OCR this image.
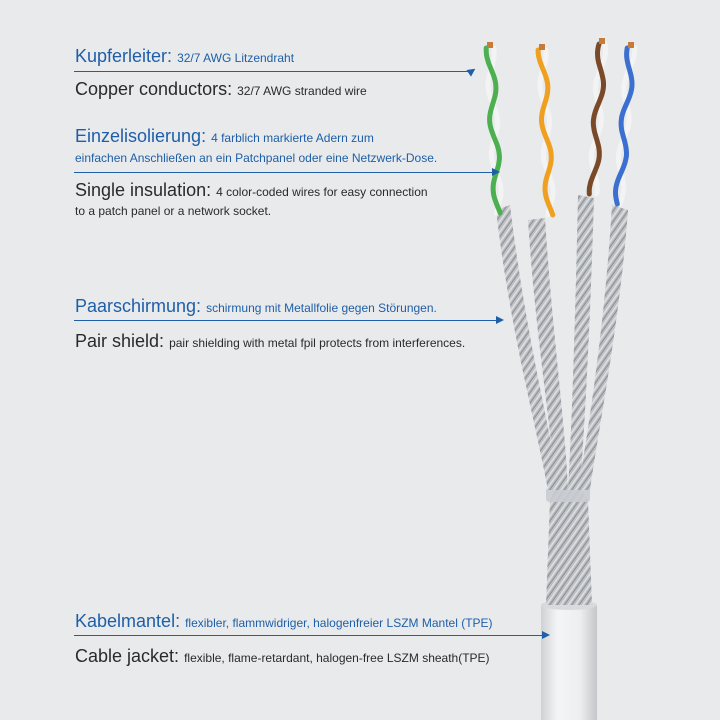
Kupferleiter: 32/7 AWG Litzendraht
Copper conductors: 32/7 AWG stranded wire
Einzelisolierung: 4 farblich markierte Adern zum
einfachen Anschließen an ein Patchpanel oder eine Netzwerk-Dose.
Single insulation: 4 color-coded wires for easy connection
to a patch panel or a network socket.
Paarschirmung: schirmung mit Metallfolie gegen Störungen.
Pair shield: pair shielding with metal fpil protects from interferences.
Kabelmantel: flexibler, flammwidriger, halogenfreier LSZM Mantel (TPE)
Cable jacket: flexible, flame-retardant, halogen-free LSZM sheath(TPE)
